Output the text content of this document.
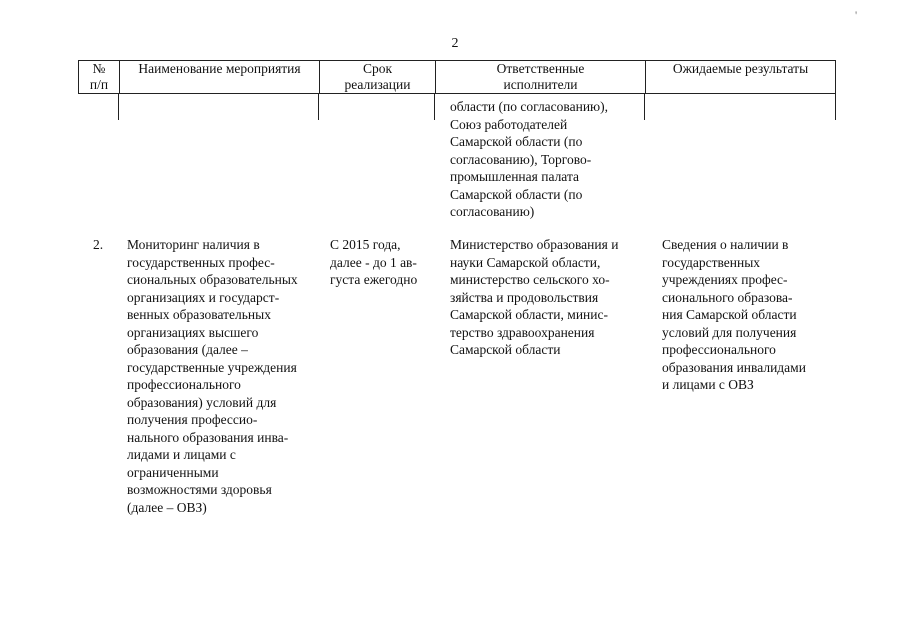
'
2
№
п/п
Наименование мероприятия	Срок
реализации
Ответственные
исполнители
Ожидаемые результаты
области (по согласованию),
Союз работодателей
Самарской области (по
согласованию), Торгово-
промышленная палата
Самарской области (по
согласованию)
2.	Мониторинг наличия в
государственных профес-
сиональных образовательных
организациях и государст-
венных образовательных
организациях высшего
образования (далее –
государственные учреждения
профессионального
образования) условий для
получения профессио-
нального образования инва-
лидами и лицами с
ограниченными
возможностями здоровья
(далее – ОВЗ)
С 2015 года,
далее - до 1 ав-
густа ежегодно
Министерство образования и
науки Самарской области,
министерство сельского хо-
зяйства и продовольствия
Самарской области, минис-
терство здравоохранения
Самарской области
Сведения о наличии в
государственных
учреждениях профес-
сионального образова-
ния Самарской области
условий для получения
профессионального
образования инвалидами
и лицами с ОВЗ
